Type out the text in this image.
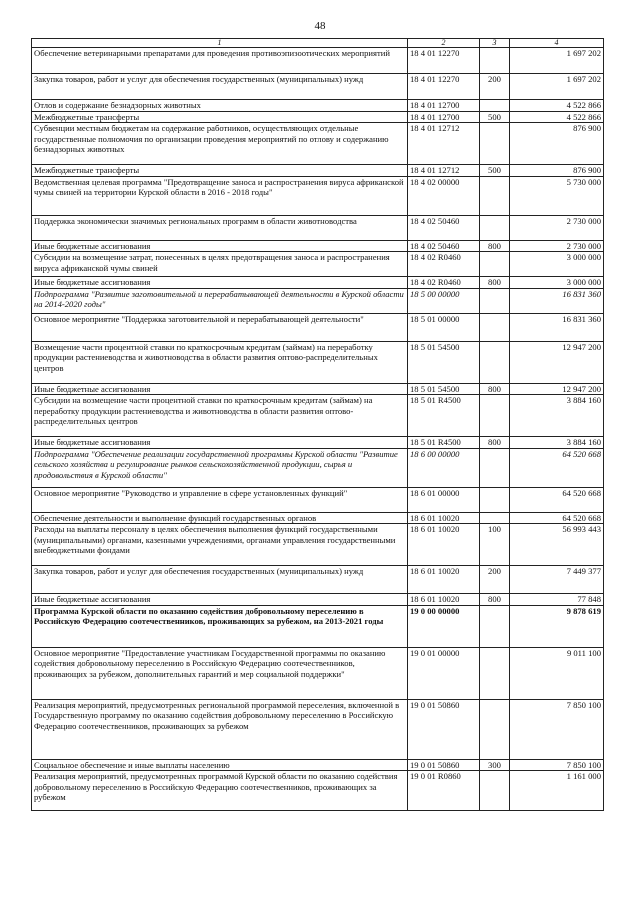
48
1	2	3	4
Обеспечение ветеринарными препаратами для проведения противоэпизоотических мероприятий	18 4 01 12270		1 697 202
Закупка товаров, работ и услуг для обеспечения государственных (муниципальных) нужд	18 4 01 12270	200	1 697 202
Отлов и содержание безнадзорных животных	18 4 01 12700		4 522 866
Межбюджетные трансферты	18 4 01 12700	500	4 522 866
Субвенции местным бюджетам на содержание работников, осуществляющих отдельные государственные полномочия по организации проведения мероприятий по отлову и содержанию безнадзорных животных	18 4 01 12712		876 900
Межбюджетные трансферты	18 4 01 12712	500	876 900
Ведомственная целевая программа "Предотвращение заноса и распространения вируса африканской чумы свиней на территории Курской области в 2016 - 2018 годы"	18 4 02 00000		5 730 000
Поддержка экономически значимых региональных программ в области животноводства	18 4 02 50460		2 730 000
Иные бюджетные ассигнования	18 4 02 50460	800	2 730 000
Субсидии на возмещение затрат, понесенных в целях предотвращения заноса и распространения вируса африканской чумы свиней	18 4 02 R0460		3 000 000
Иные бюджетные ассигнования	18 4 02 R0460	800	3 000 000
Подпрограмма "Развитие заготовительной и перерабатывающей деятельности в Курской области на 2014-2020 годы"	18 5 00 00000		16 831 360
Основное мероприятие "Поддержка заготовительной и перерабатывающей деятельности"	18 5 01 00000		16 831 360
Возмещение части процентной ставки по краткосрочным кредитам (займам) на переработку продукции растениеводства и животноводства в области развития оптово-распределительных центров	18 5 01 54500		12 947 200
Иные бюджетные ассигнования	18 5 01 54500	800	12 947 200
Субсидии на возмещение части процентной ставки по краткосрочным кредитам (займам) на переработку продукции растениеводства и животноводства в области развития оптово-распределительных центров	18 5 01 R4500		3 884 160
Иные бюджетные ассигнования	18 5 01 R4500	800	3 884 160
Подпрограмма "Обеспечение реализации государственной программы Курской области "Развитие сельского хозяйства и регулирование рынков сельскохозяйственной продукции, сырья и продовольствия в Курской области"	18 6 00 00000		64 520 668
Основное мероприятие "Руководство и управление в сфере установленных функций"	18 6 01 00000		64 520 668
Обеспечение деятельности и выполнение функций государственных органов	18 6 01 10020		64 520 668
Расходы на выплаты персоналу в целях обеспечения выполнения функций государственными (муниципальными) органами, казенными учреждениями, органами управления государственными внебюджетными фондами	18 6 01 10020	100	56 993 443
Закупка товаров, работ и услуг для обеспечения государственных (муниципальных) нужд	18 6 01 10020	200	7 449 377
Иные бюджетные ассигнования	18 6 01 10020	800	77 848
Программа Курской области по оказанию содействия добровольному переселению в Российскую Федерацию соотечественников, проживающих за рубежом, на 2013-2021 годы	19 0 00 00000		9 878 619
Основное мероприятие "Предоставление участникам Государственной программы по оказанию содействия добровольному переселению в Российскую Федерацию соотечественников, проживающих за рубежом, дополнительных гарантий и мер социальной поддержки"	19 0 01 00000		9 011 100
Реализация мероприятий, предусмотренных региональной программой переселения, включенной в Государственную программу по оказанию содействия добровольному переселению в Российскую Федерацию соотечественников, проживающих за рубежом	19 0 01 50860		7 850 100
Социальное обеспечение и иные выплаты населению	19 0 01 50860	300	7 850 100
Реализация мероприятий, предусмотренных программой Курской области по оказанию содействия добровольному переселению в Российскую Федерацию соотечественников, проживающих за рубежом	19 0 01 R0860		1 161 000
